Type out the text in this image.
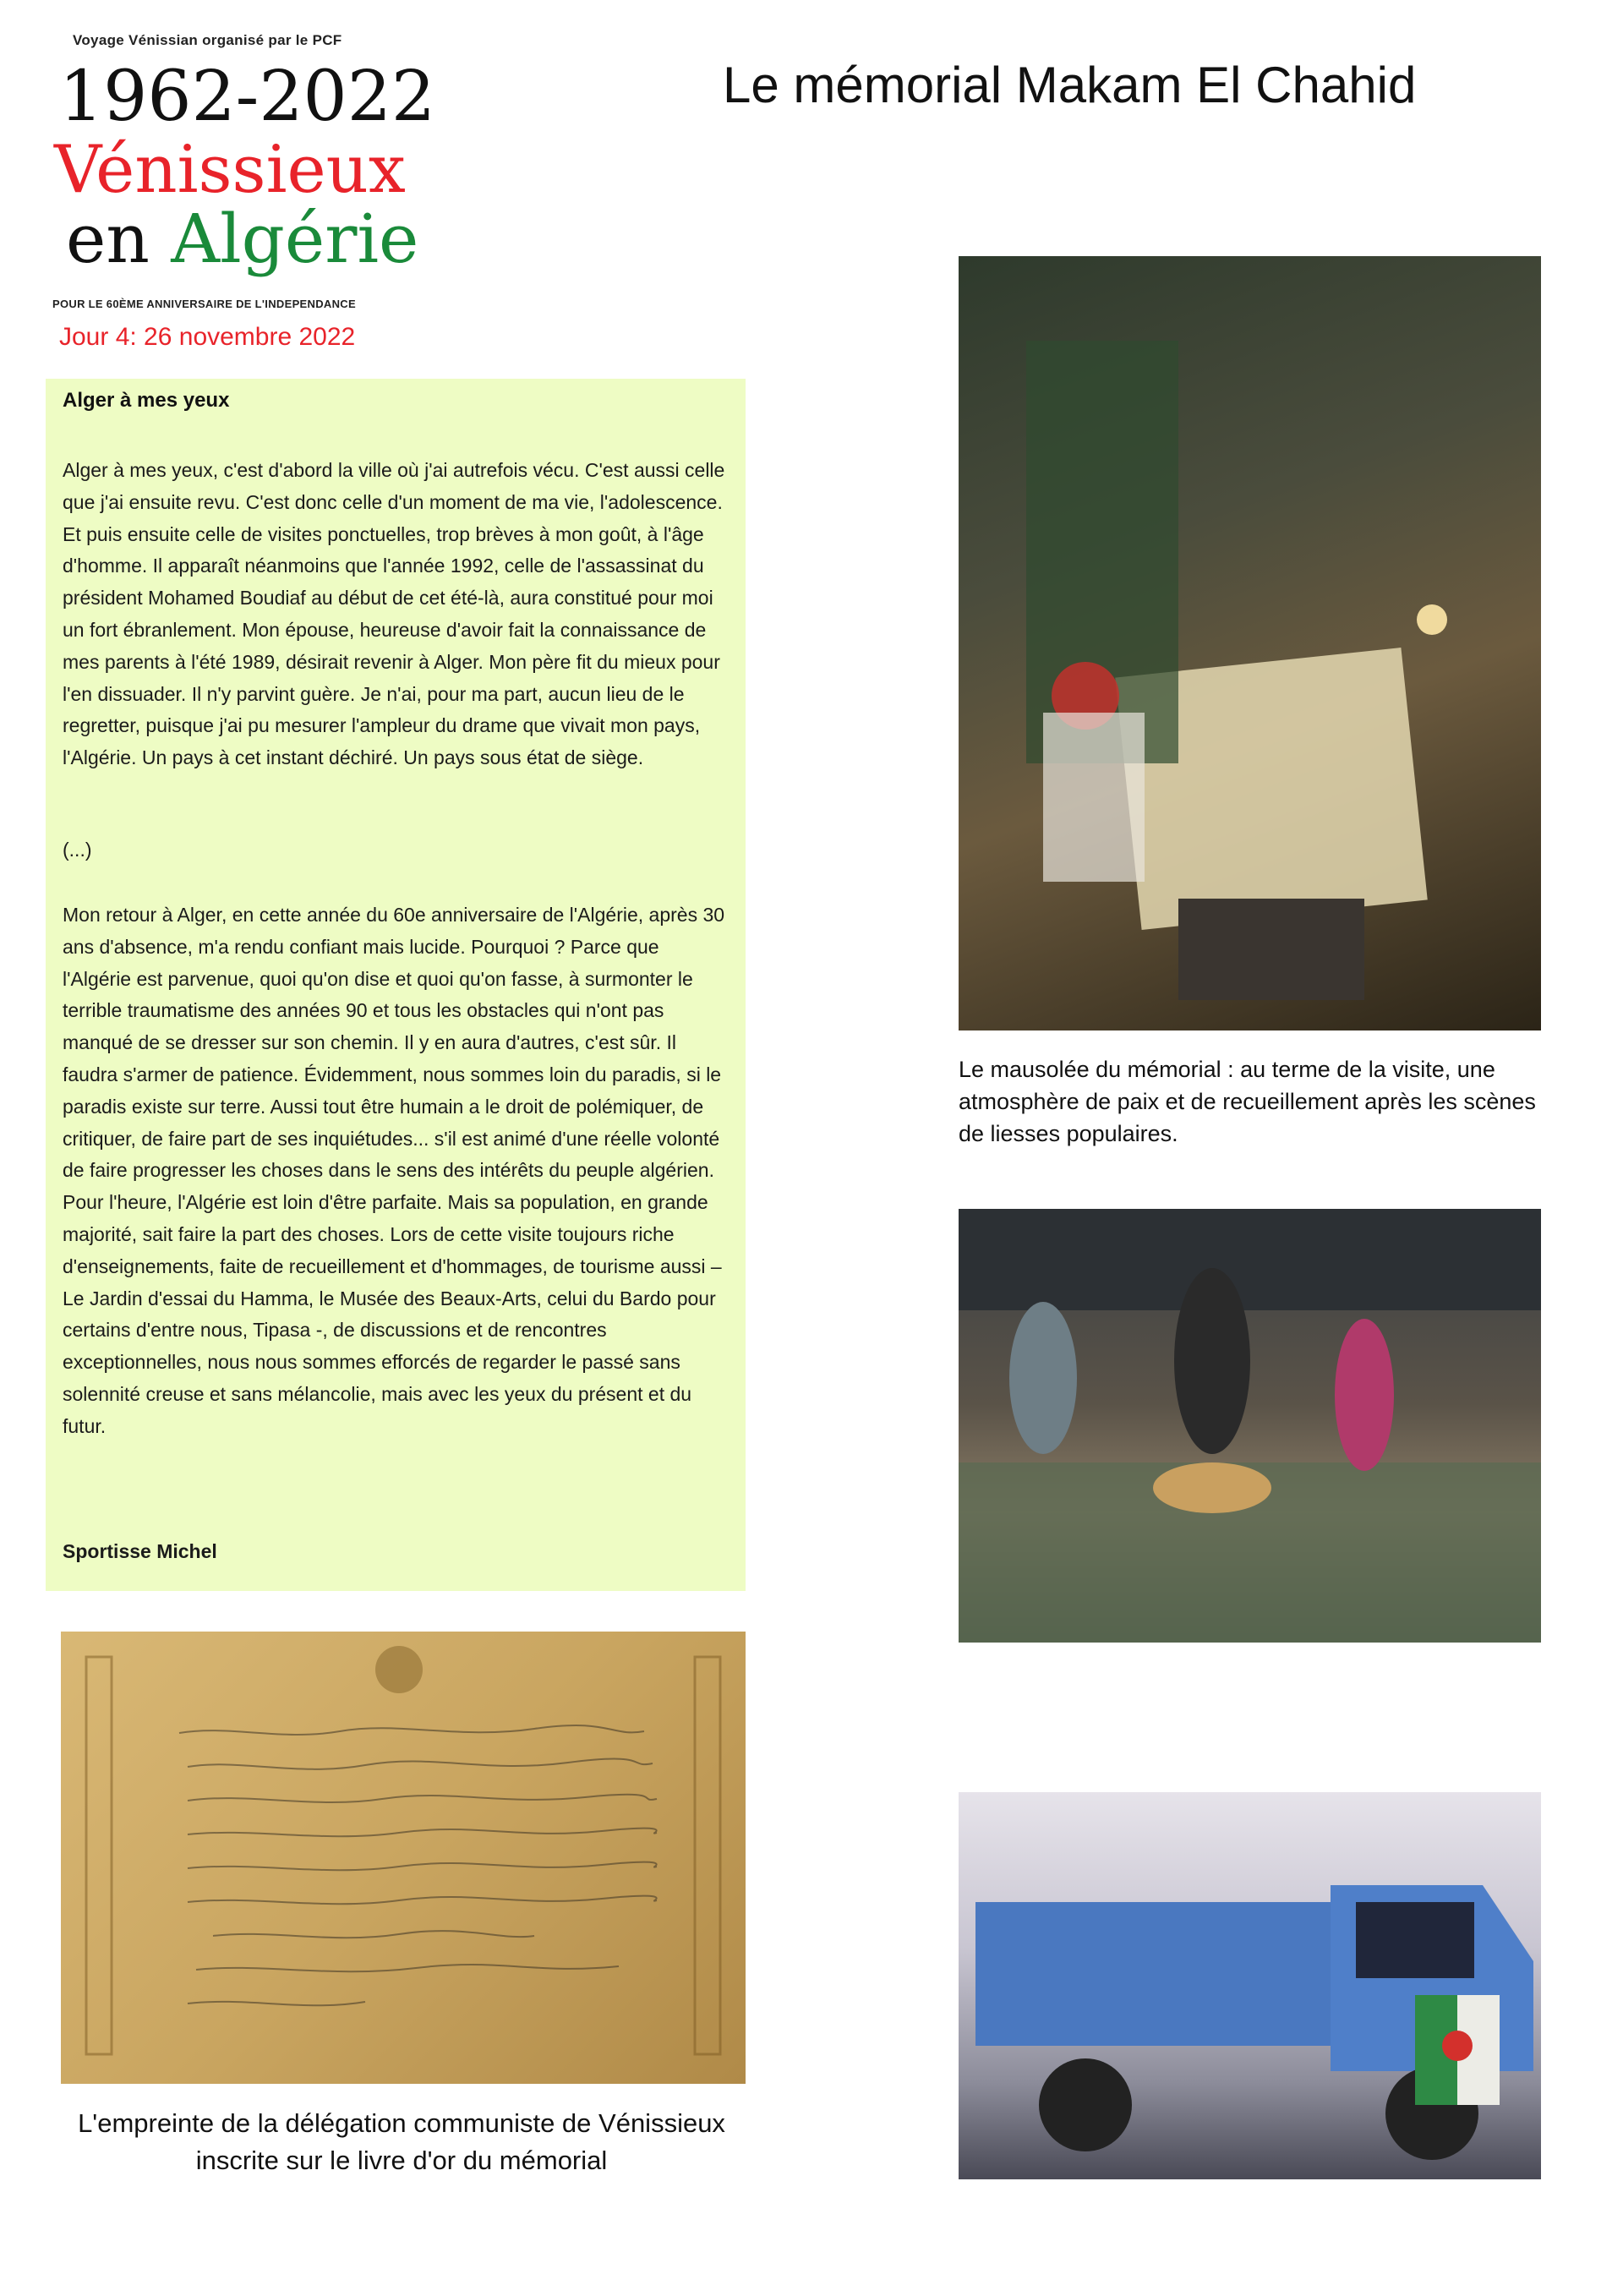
Voyage Vénissian organisé par le PCF
1962-2022
Vénissieux
en Algérie
POUR LE 60ÈME ANNIVERSAIRE DE L'INDEPENDANCE
Jour 4: 26 novembre 2022
Le mémorial Makam El Chahid
Alger à mes yeux
Alger à mes yeux, c'est d'abord la ville où j'ai autrefois vécu. C'est aussi celle que j'ai ensuite revu. C'est donc celle d'un moment de ma vie, l'adolescence. Et puis ensuite celle de visites ponctuelles, trop brèves à mon goût, à l'âge d'homme. Il apparaît néanmoins que l'année 1992, celle de l'assassinat du président Mohamed Boudiaf au début de cet été-là, aura constitué pour moi un fort ébranlement. Mon épouse, heureuse d'avoir fait la connaissance de mes parents à l'été 1989, désirait revenir à Alger. Mon père fit du mieux pour l'en dissuader. Il n'y parvint guère. Je n'ai, pour ma part, aucun lieu de le regretter, puisque j'ai pu mesurer l'ampleur du drame que vivait mon pays, l'Algérie. Un pays à cet instant déchiré. Un pays sous état de siège.
(...)
Mon retour à Alger, en cette année du 60e anniversaire de l'Algérie, après 30 ans d'absence, m'a rendu confiant mais lucide. Pourquoi ? Parce que l'Algérie est parvenue, quoi qu'on dise et quoi qu'on fasse, à surmonter le terrible traumatisme des années 90 et tous les obstacles qui n'ont pas manqué de se dresser sur son chemin. Il y en aura d'autres, c'est sûr. Il faudra s'armer de patience. Évidemment, nous sommes loin du paradis, si le paradis existe sur terre. Aussi tout être humain a le droit de polémiquer, de critiquer, de faire part de ses inquiétudes... s'il est animé d'une réelle volonté de faire progresser les choses dans le sens des intérêts du peuple algérien. Pour l'heure, l'Algérie est loin d'être parfaite. Mais sa population, en grande majorité, sait faire la part des choses. Lors de cette visite toujours riche d'enseignements, faite de recueillement et d'hommages, de tourisme aussi – Le Jardin d'essai du Hamma, le Musée des Beaux-Arts, celui du Bardo pour certains d'entre nous, Tipasa -, de discussions et de rencontres exceptionnelles, nous nous sommes efforcés de regarder le passé sans solennité creuse et sans mélancolie, mais avec les yeux du présent et du futur.
Sportisse Michel
Le mausolée du mémorial : au terme de la visite, une atmosphère de paix et de recueillement après les scènes de liesses populaires.
L'empreinte de la délégation communiste de Vénissieux inscrite sur le livre d'or du mémorial
